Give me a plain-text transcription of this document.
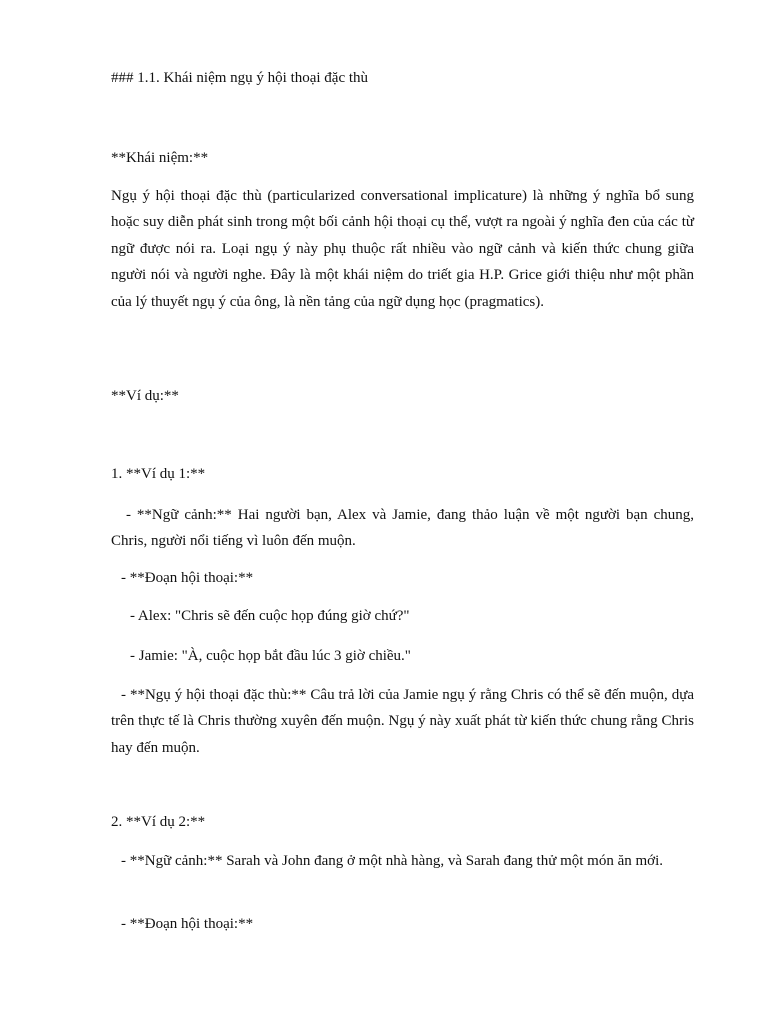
### 1.1. Khái niệm ngụ ý hội thoại đặc thù
**Khái niệm:**
Ngụ ý hội thoại đặc thù (particularized conversational implicature) là những ý nghĩa bổ sung hoặc suy diễn phát sinh trong một bối cảnh hội thoại cụ thể, vượt ra ngoài ý nghĩa đen của các từ ngữ được nói ra. Loại ngụ ý này phụ thuộc rất nhiều vào ngữ cảnh và kiến thức chung giữa người nói và người nghe. Đây là một khái niệm do triết gia H.P. Grice giới thiệu như một phần của lý thuyết ngụ ý của ông, là nền tảng của ngữ dụng học (pragmatics).
**Ví dụ:**
1. **Ví dụ 1:**
- **Ngữ cảnh:** Hai người bạn, Alex và Jamie, đang thảo luận về một người bạn chung, Chris, người nổi tiếng vì luôn đến muộn.
- **Đoạn hội thoại:**
- Alex: "Chris sẽ đến cuộc họp đúng giờ chứ?"
- Jamie: "À, cuộc họp bắt đầu lúc 3 giờ chiều."
- **Ngụ ý hội thoại đặc thù:** Câu trả lời của Jamie ngụ ý rằng Chris có thể sẽ đến muộn, dựa trên thực tế là Chris thường xuyên đến muộn. Ngụ ý này xuất phát từ kiến thức chung rằng Chris hay đến muộn.
2. **Ví dụ 2:**
- **Ngữ cảnh:** Sarah và John đang ở một nhà hàng, và Sarah đang thử một món ăn mới.
- **Đoạn hội thoại:**
